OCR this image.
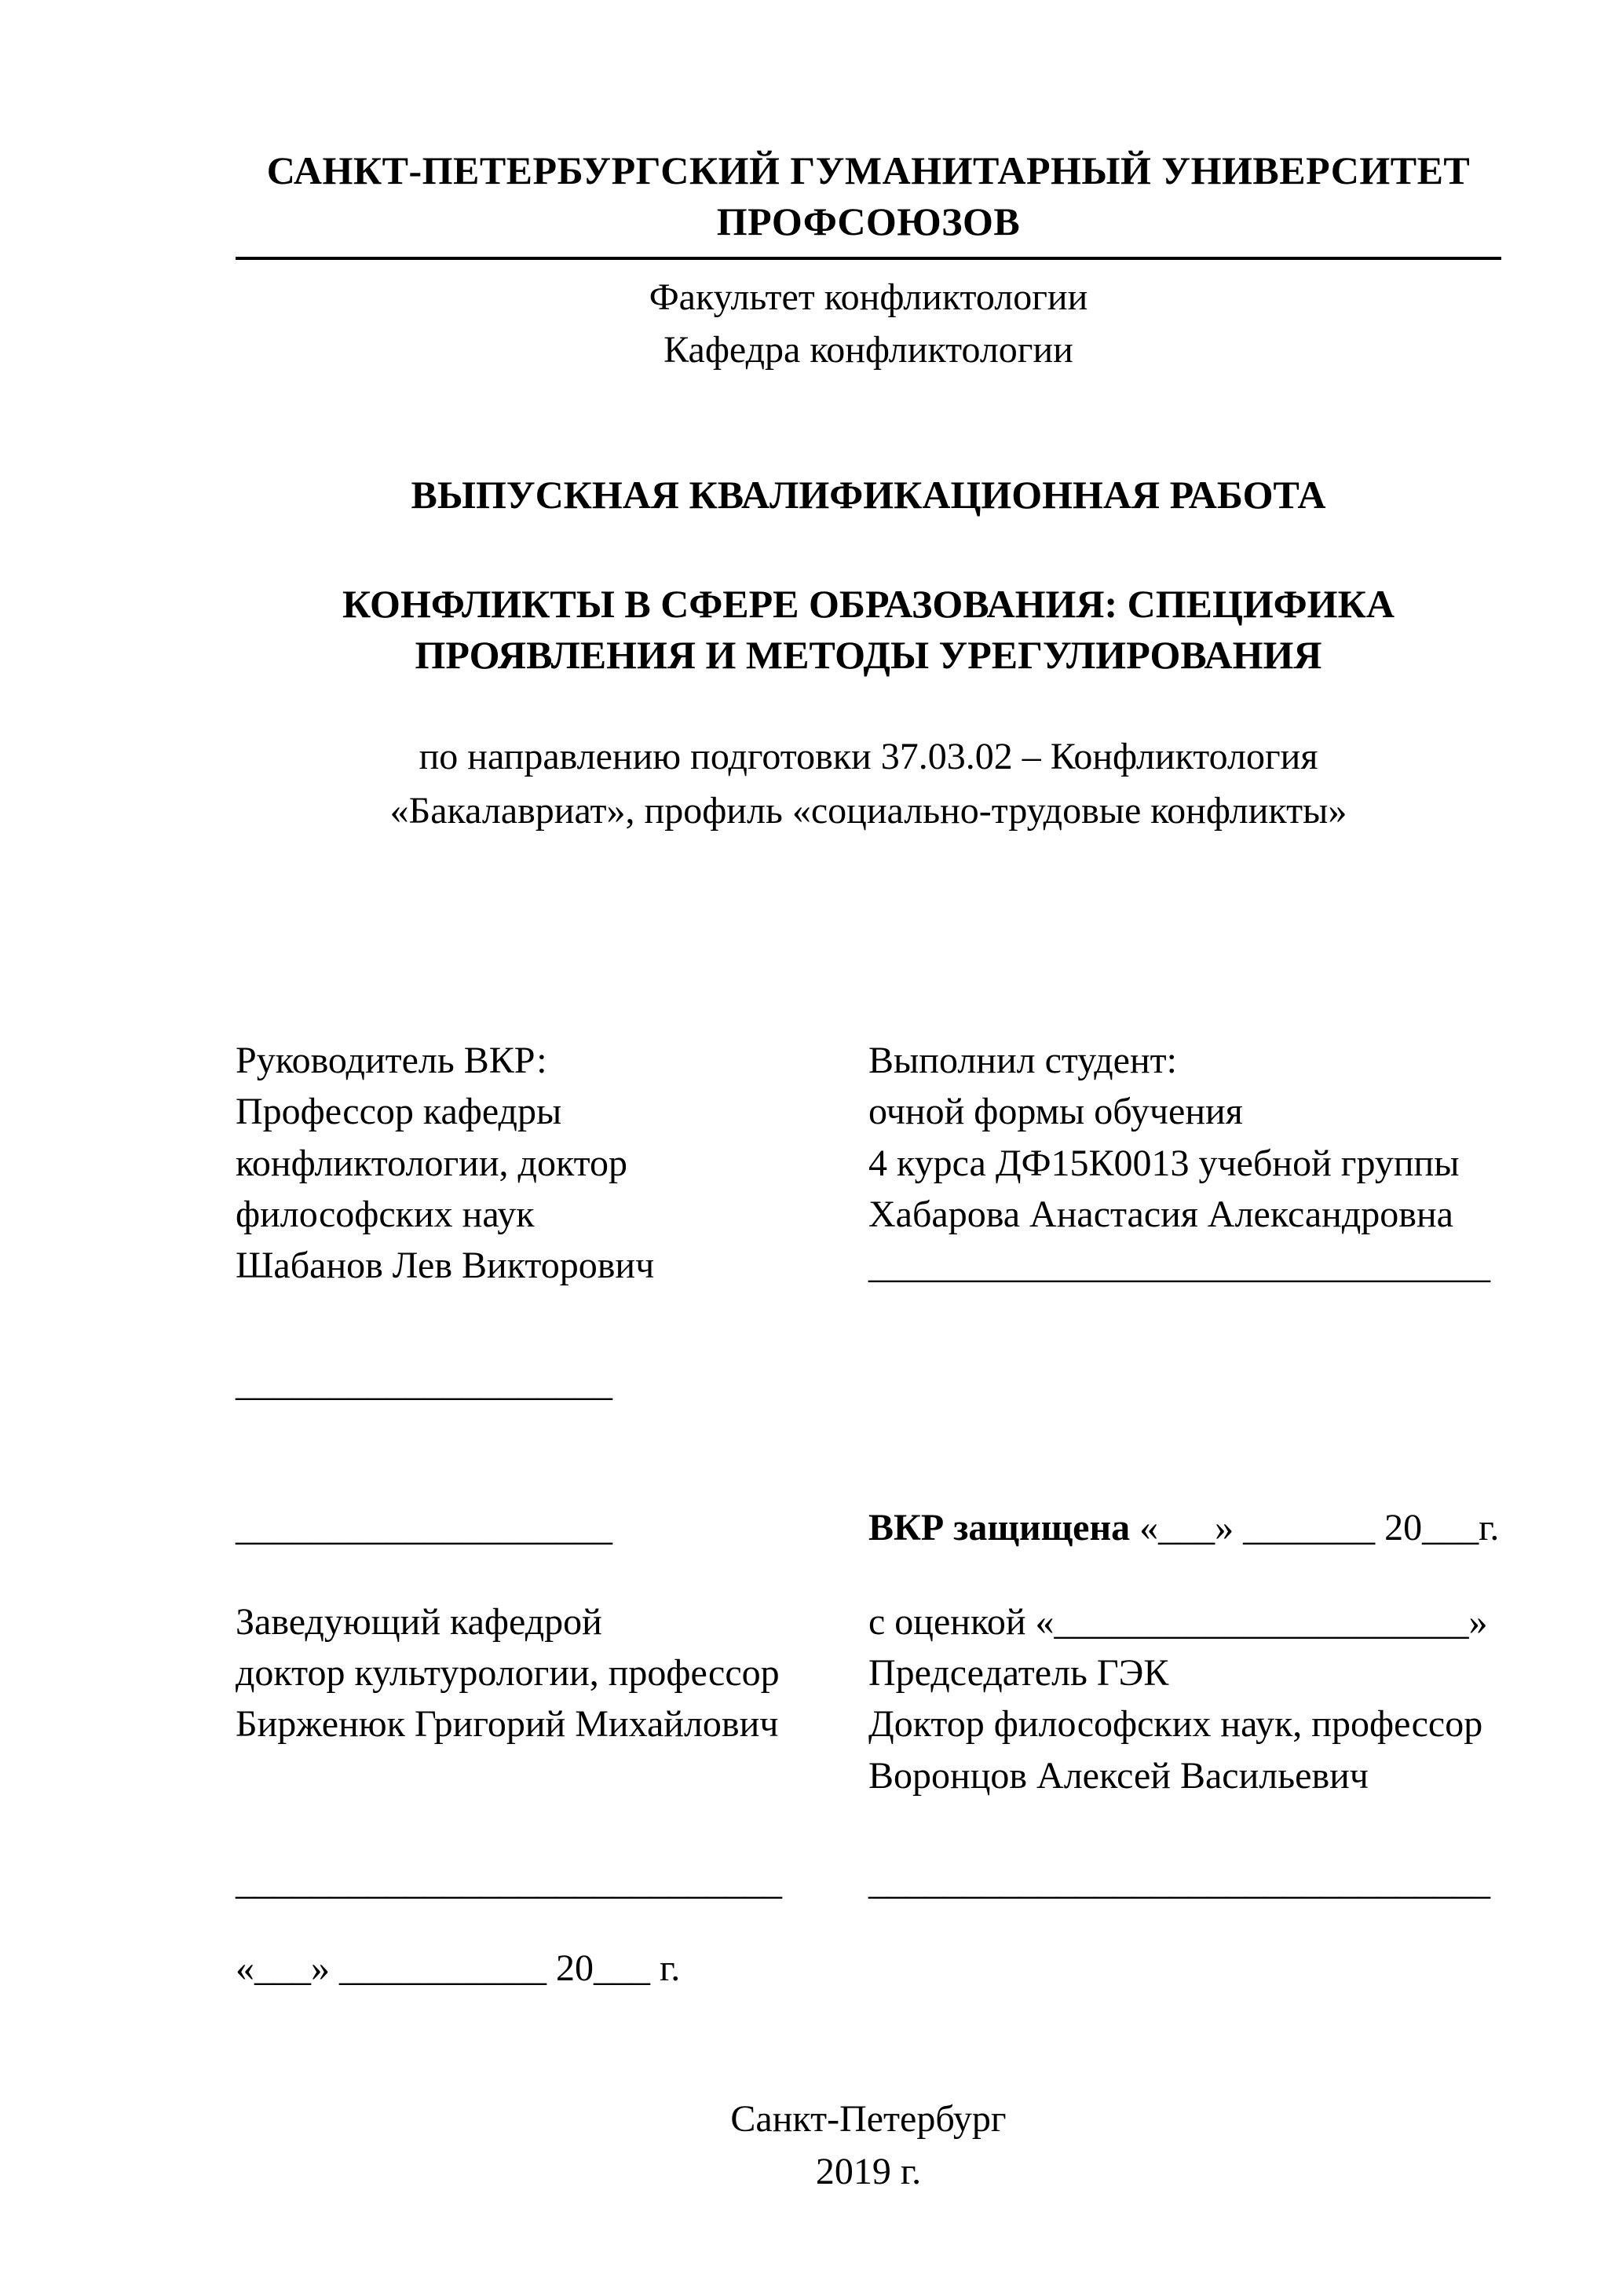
САНКТ-ПЕТЕРБУРГСКИЙ ГУМАНИТАРНЫЙ УНИВЕРСИТЕТ ПРОФСОЮЗОВ
Факультет конфликтологии
Кафедра конфликтологии
ВЫПУСКНАЯ КВАЛИФИКАЦИОННАЯ РАБОТА
КОНФЛИКТЫ В СФЕРЕ ОБРАЗОВАНИЯ: СПЕЦИФИКА ПРОЯВЛЕНИЯ И МЕТОДЫ УРЕГУЛИРОВАНИЯ
по направлению подготовки 37.03.02 – Конфликтология
«Бакалавриат», профиль «социально-трудовые конфликты»
Руководитель ВКР:
Профессор кафедры
конфликтологии, доктор
философских наук
Шабанов Лев Викторович
Выполнил студент:
очной формы обучения
4 курса ДФ15К0013 учебной группы
Хабарова Анастасия Александровна
_________________________________
____________________
____________________	ВКР защищена «___» _______ 20___г.
Заведующий кафедрой
доктор культурологии, профессор
Бирженюк Григорий Михайлович
с оценкой «______________________»
Председатель ГЭК
Доктор философских наук, профессор
Воронцов Алексей Васильевич
_____________________________	_________________________________
«___» ___________ 20___ г.
Санкт-Петербург
2019 г.
